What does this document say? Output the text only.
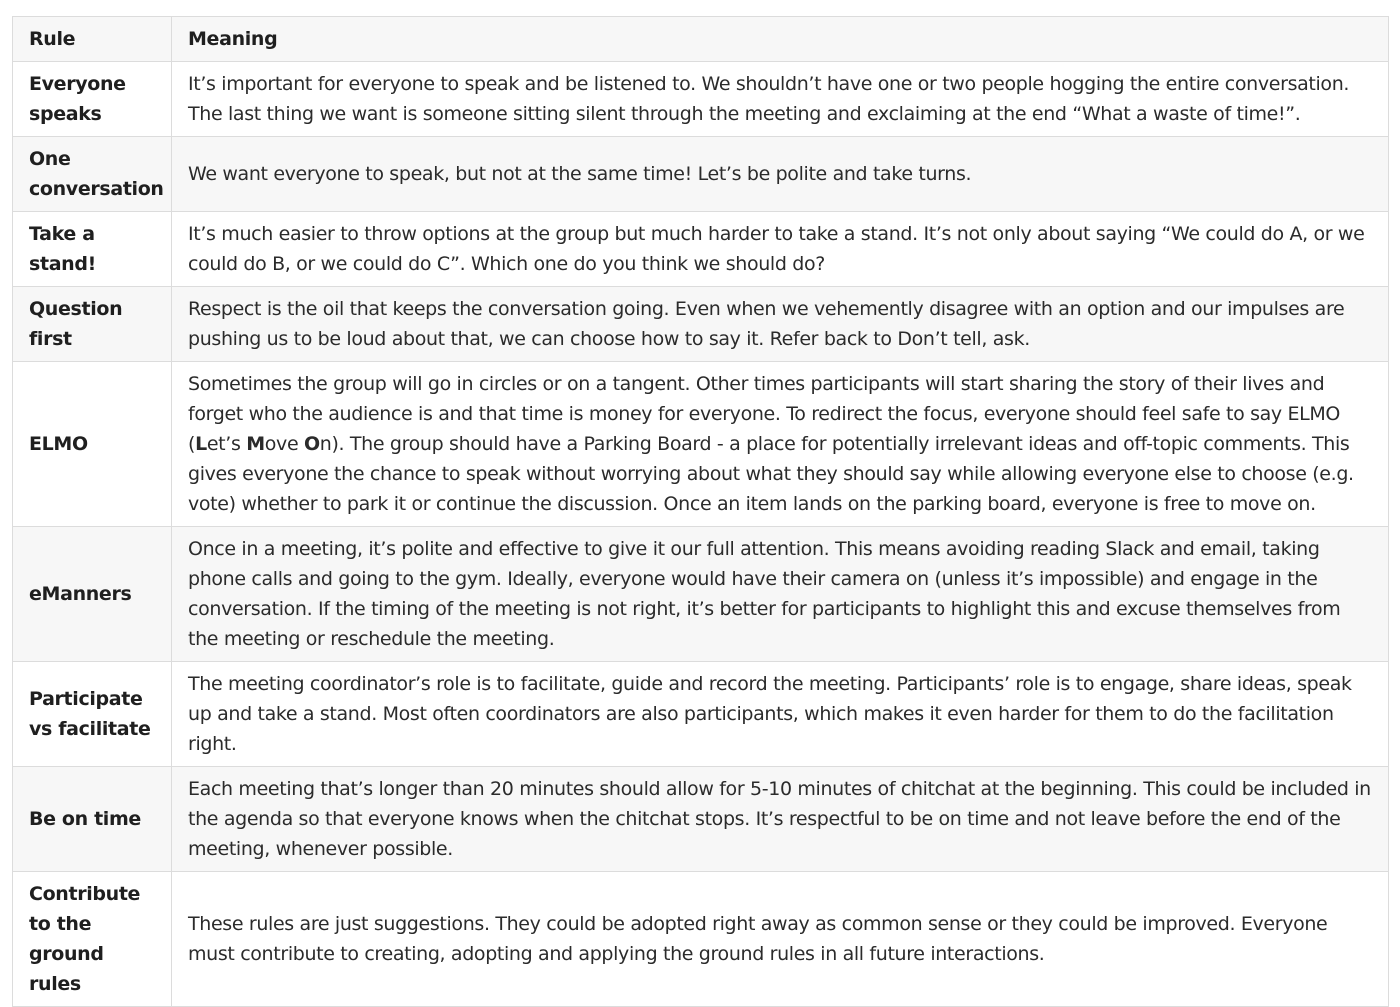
Rule	Meaning
Everyone speaks	It’s important for everyone to speak and be listened to. We shouldn’t have one or two people hogging the entire conversation. The last thing we want is someone sitting silent through the meeting and exclaiming at the end “What a waste of time!”.
One conversation	We want everyone to speak, but not at the same time! Let’s be polite and take turns.
Take a stand!	It’s much easier to throw options at the group but much harder to take a stand. It’s not only about saying “We could do A, or we could do B, or we could do C”. Which one do you think we should do?
Question first	Respect is the oil that keeps the conversation going. Even when we vehemently disagree with an option and our impulses are pushing us to be loud about that, we can choose how to say it. Refer back to Don’t tell, ask.
ELMO	Sometimes the group will go in circles or on a tangent. Other times participants will start sharing the story of their lives and forget who the audience is and that time is money for everyone. To redirect the focus, everyone should feel safe to say ELMO (Let’s Move On). The group should have a Parking Board - a place for potentially irrelevant ideas and off-topic comments. This gives everyone the chance to speak without worrying about what they should say while allowing everyone else to choose (e.g. vote) whether to park it or continue the discussion. Once an item lands on the parking board, everyone is free to move on.
eManners	Once in a meeting, it’s polite and effective to give it our full attention. This means avoiding reading Slack and email, taking phone calls and going to the gym. Ideally, everyone would have their camera on (unless it’s impossible) and engage in the conversation. If the timing of the meeting is not right, it’s better for participants to highlight this and excuse themselves from the meeting or reschedule the meeting.
Participate vs facilitate	The meeting coordinator’s role is to facilitate, guide and record the meeting. Participants’ role is to engage, share ideas, speak up and take a stand. Most often coordinators are also participants, which makes it even harder for them to do the facilitation right.
Be on time	Each meeting that’s longer than 20 minutes should allow for 5-10 minutes of chitchat at the beginning. This could be included in the agenda so that everyone knows when the chitchat stops. It’s respectful to be on time and not leave before the end of the meeting, whenever possible.
Contribute to the ground rules	These rules are just suggestions. They could be adopted right away as common sense or they could be improved. Everyone must contribute to creating, adopting and applying the ground rules in all future interactions.
